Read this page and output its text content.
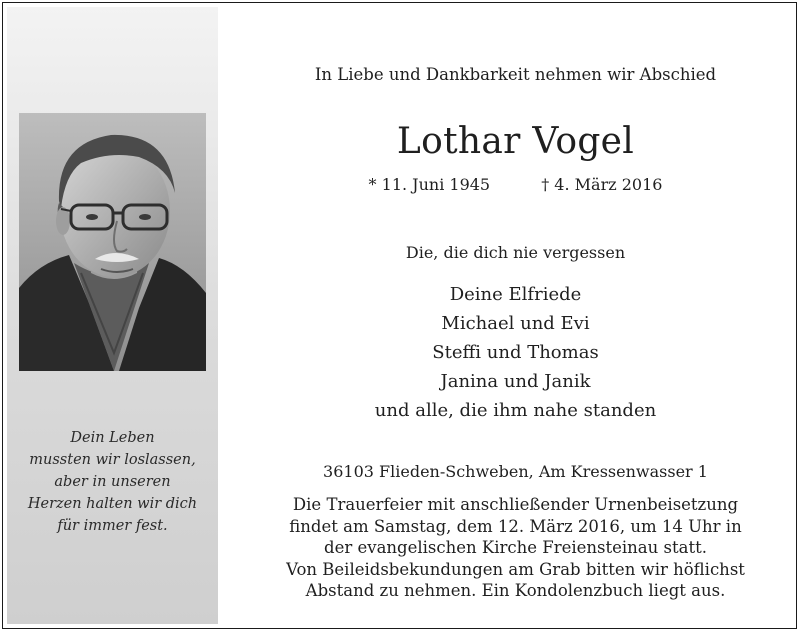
Dein Leben
mussten wir loslassen,
aber in unseren
Herzen halten wir dich
für immer fest.
In Liebe und Dankbarkeit nehmen wir Abschied
Lothar Vogel
* 11. Juni 1945	† 4. März 2016
Die, die dich nie vergessen
Deine Elfriede
Michael und Evi
Steffi und Thomas
Janina und Janik
und alle, die ihm nahe standen
36103 Flieden-Schweben, Am Kressenwasser 1
Die Trauerfeier mit anschließender Urnenbeisetzung
findet am Samstag, dem 12. März 2016, um 14 Uhr in
der evangelischen Kirche Freiensteinau statt.
Von Beileidsbekundungen am Grab bitten wir höflichst
Abstand zu nehmen. Ein Kondolenzbuch liegt aus.
